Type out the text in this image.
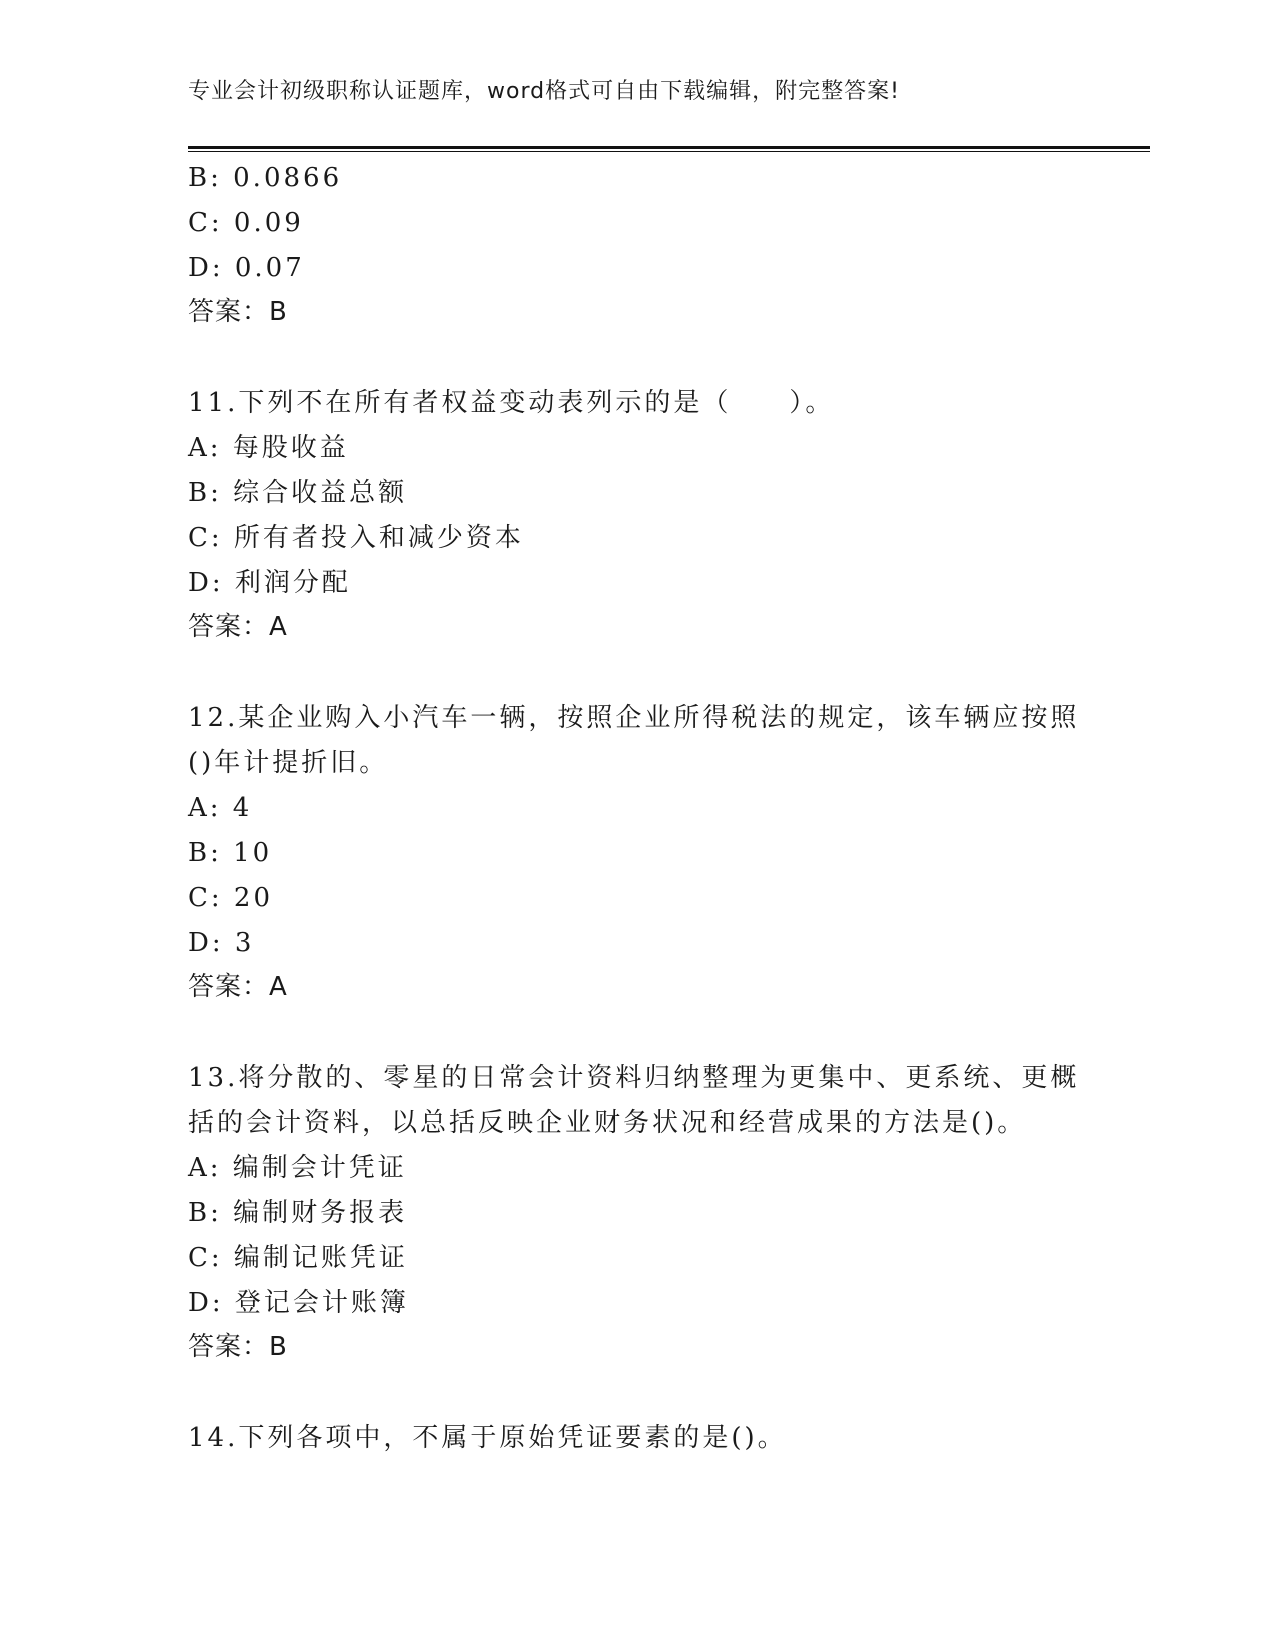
专业会计初级职称认证题库，word格式可自由下载编辑，附完整答案!
B: 0.0866
C: 0.09
D: 0.07
答案：B
11.下列不在所有者权益变动表列示的是（　　）。
A: 每股收益
B: 综合收益总额
C: 所有者投入和减少资本
D: 利润分配
答案：A
12.某企业购入小汽车一辆，按照企业所得税法的规定，该车辆应按照
()年计提折旧。
A: 4
B: 10
C: 20
D: 3
答案：A
13.将分散的、零星的日常会计资料归纳整理为更集中、更系统、更概
括的会计资料，以总括反映企业财务状况和经营成果的方法是()。
A: 编制会计凭证
B: 编制财务报表
C: 编制记账凭证
D: 登记会计账簿
答案：B
14.下列各项中，不属于原始凭证要素的是()。
